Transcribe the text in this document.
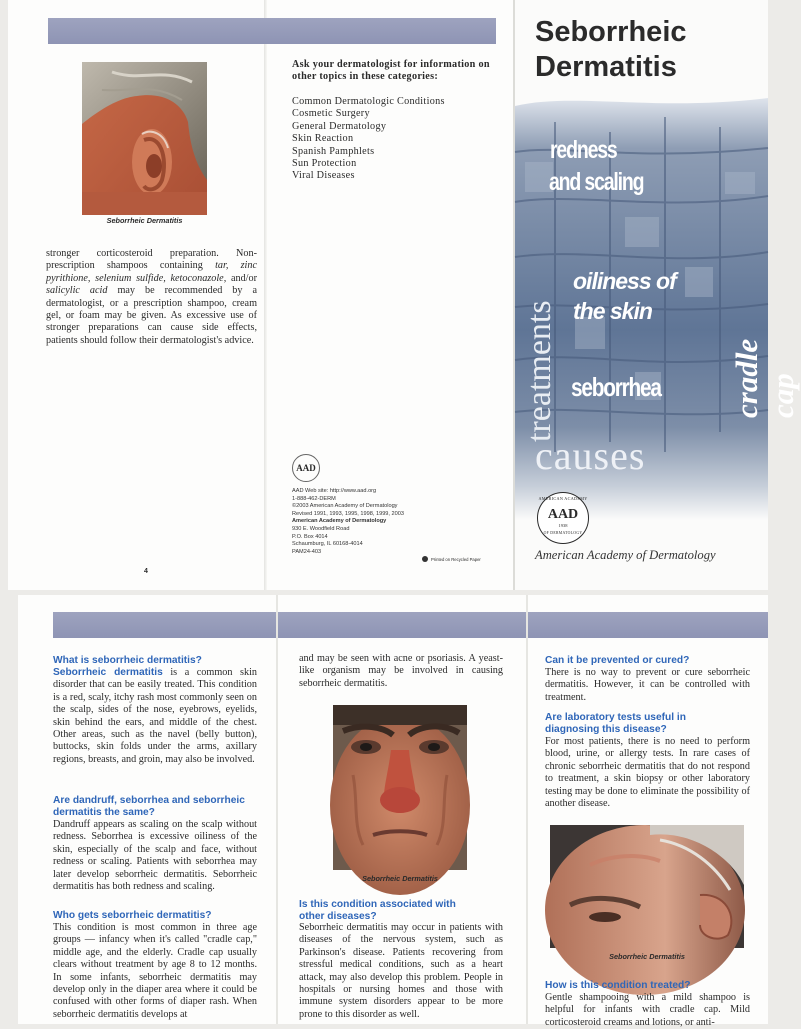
Seborrheic Dermatitis

stronger corticosteroid preparation. Non-prescription shampoos containing tar, zinc pyrithione, selenium sulfide, ketoconazole, and/or salicylic acid may be recommended by a dermatologist, or a prescription shampoo, cream gel, or foam may be given. As excessive use of stronger preparations can cause side effects, patients should follow their dermatologist's advice.

4

Ask your dermatologist for information on other topics in these categories:

Common Dermatologic Conditions
Cosmetic Surgery
General Dermatology
Skin Reaction
Spanish Pamphlets
Sun Protection
Viral Diseases
AAD
AAD Web site: http://www.aad.org
1-888-462-DERM
©2003 American Academy of Dermatology
Revised 1991, 1993, 1995, 1998, 1999, 2003
American Academy of Dermatology
930 E. Woodfield Road
P.O. Box 4014
Schaumburg, IL 60168-4014
PAM24-403
Printed on Recycled Paper
Seborrheic
Dermatitis
redness
and scaling
treatments
oiliness of
the skin
cradle cap
seborrhea
causes
AMERICAN ACADEMY
AAD
1938
OF DERMATOLOGY
American Academy of Dermatology
What is seborrheic dermatitis?

Seborrheic dermatitis is a common skin disorder that can be easily treated. This condition is a red, scaly, itchy rash most commonly seen on the scalp, sides of the nose, eyebrows, eyelids, skin behind the ears, and middle of the chest. Other areas, such as the navel (belly button), buttocks, skin folds under the arms, axillary regions, breasts, and groin, may also be involved.

Are dandruff, seborrhea and seborrheic dermatitis the same?

Dandruff appears as scaling on the scalp without redness. Seborrhea is excessive oiliness of the skin, especially of the scalp and face, without redness or scaling. Patients with seborrhea may later develop seborrheic dermatitis. Seborrheic dermatitis has both redness and scaling.

Who gets seborrheic dermatitis?

This condition is most common in three age groups — infancy when it's called "cradle cap," middle age, and the elderly. Cradle cap usually clears without treatment by age 8 to 12 months. In some infants, seborrheic dermatitis may develop only in the diaper area where it could be confused with other forms of diaper rash. When seborrheic dermatitis develops at

and may be seen with acne or psoriasis. A yeast-like organism may be involved in causing seborrheic dermatitis.

Seborrheic Dermatitis
Is this condition associated with other diseases?

Seborrheic dermatitis may occur in patients with diseases of the nervous system, such as Parkinson's disease. Patients recovering from stressful medical conditions, such as a heart attack, may also develop this problem. People in hospitals or nursing homes and those with immune system disorders appear to be more prone to this disorder as well.

Can it be prevented or cured?

There is no way to prevent or cure seborrheic dermatitis. However, it can be controlled with treatment.

Are laboratory tests useful in diagnosing this disease?

For most patients, there is no need to perform blood, urine, or allergy tests. In rare cases of chronic seborrheic dermatitis that do not respond to treatment, a skin biopsy or other laboratory testing may be done to eliminate the possibility of another disease.

Seborrheic Dermatitis
How is this condition treated?

Gentle shampooing with a mild shampoo is helpful for infants with cradle cap. Mild corticosteroid creams and lotions, or anti-
